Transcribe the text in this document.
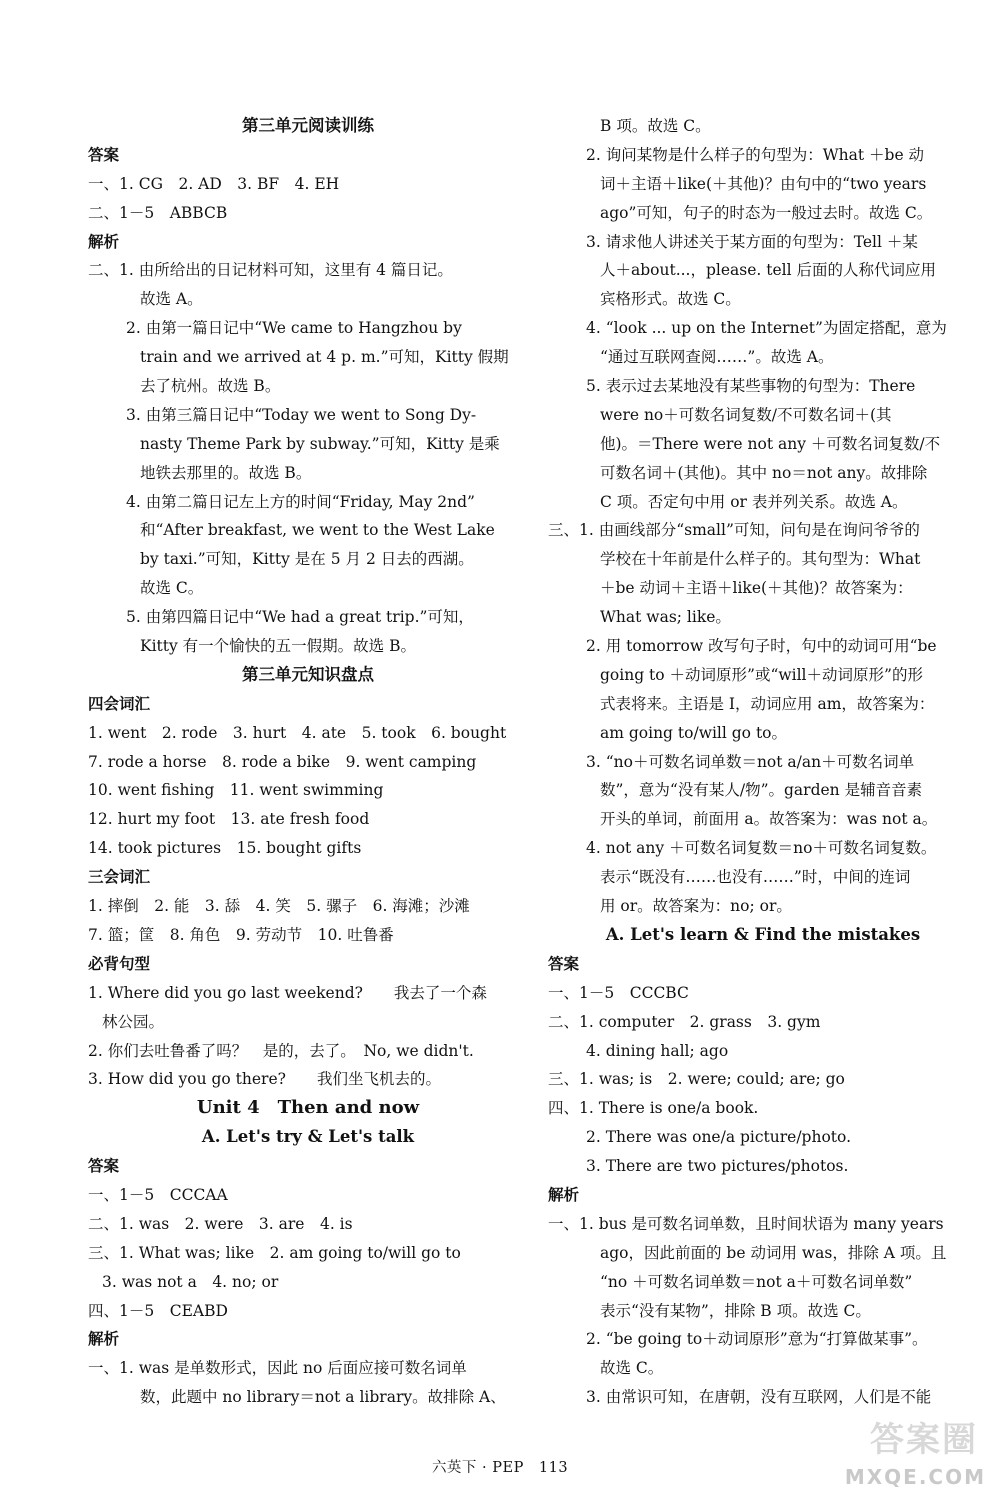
第三单元阅读训练
答案
一、1. CG　2. AD　3. BF　4. EH
二、1－5　ABBCB
解析
二、1. 由所给出的日记材料可知，这里有 4 篇日记。
故选 A。
2. 由第一篇日记中“We came to Hangzhou by
train and we arrived at 4 p. m.”可知，Kitty 假期
去了杭州。故选 B。
3. 由第三篇日记中“Today we went to Song Dy-
nasty Theme Park by subway.”可知，Kitty 是乘
地铁去那里的。故选 B。
4. 由第二篇日记左上方的时间“Friday, May 2nd”
和“After breakfast, we went to the West Lake
by taxi.”可知，Kitty 是在 5 月 2 日去的西湖。
故选 C。
5. 由第四篇日记中“We had a great trip.”可知，
Kitty 有一个愉快的五一假期。故选 B。
第三单元知识盘点
四会词汇
1. went　2. rode　3. hurt　4. ate　5. took　6. bought
7. rode a horse　8. rode a bike　9. went camping
10. went fishing　11. went swimming
12. hurt my foot　13. ate fresh food
14. took pictures　15. bought gifts
三会词汇
1. 摔倒　2. 能　3. 舔　4. 笑　5. 骡子　6. 海滩；沙滩
7. 篮；筐　8. 角色　9. 劳动节　10. 吐鲁番
必背句型
1. Where did you go last weekend?　　我去了一个森
林公园。
2. 你们去吐鲁番了吗？　是的，去了。　No, we didn't.
3. How did you go there?　　我们坐飞机去的。
Unit 4　Then and now
A. Let's try & Let's talk
答案
一、1－5　CCCAA
二、1. was　2. were　3. are　4. is
三、1. What was; like　2. am going to/will go to
3. was not a　4. no; or
四、1－5　CEABD
解析
一、1. was 是单数形式，因此 no 后面应接可数名词单
数，此题中 no library＝not a library。故排除 A、
B 项。故选 C。
2. 询问某物是什么样子的句型为：What ＋be 动
词＋主语＋like(＋其他)？由句中的“two years
ago”可知，句子的时态为一般过去时。故选 C。
3. 请求他人讲述关于某方面的句型为：Tell ＋某
人＋about...，please. tell 后面的人称代词应用
宾格形式。故选 C。
4. “look ... up on the Internet”为固定搭配，意为
“通过互联网查阅……”。故选 A。
5. 表示过去某地没有某些事物的句型为：There
were no＋可数名词复数/不可数名词＋(其
他)。＝There were not any ＋可数名词复数/不
可数名词＋(其他)。其中 no＝not any。故排除
C 项。否定句中用 or 表并列关系。故选 A。
三、1. 由画线部分“small”可知，问句是在询问爷爷的
学校在十年前是什么样子的。其句型为：What
＋be 动词＋主语＋like(＋其他)？故答案为：
What was; like。
2. 用 tomorrow 改写句子时，句中的动词可用“be
going to ＋动词原形”或“will＋动词原形”的形
式表将来。主语是 I，动词应用 am，故答案为：
am going to/will go to。
3. “no＋可数名词单数＝not a/an＋可数名词单
数”，意为“没有某人/物”。garden 是辅音音素
开头的单词，前面用 a。故答案为：was not a。
4. not any ＋可数名词复数＝no＋可数名词复数。
表示“既没有……也没有……”时，中间的连词
用 or。故答案为：no; or。
A. Let's learn & Find the mistakes
答案
一、1－5　CCCBC
二、1. computer　2. grass　3. gym
4. dining hall; ago
三、1. was; is　2. were; could; are; go
四、1. There is one/a book.
2. There was one/a picture/photo.
3. There are two pictures/photos.
解析
一、1. bus 是可数名词单数，且时间状语为 many years
ago，因此前面的 be 动词用 was，排除 A 项。且
“no ＋可数名词单数＝not a＋可数名词单数”
表示“没有某物”，排除 B 项。故选 C。
2. “be going to＋动词原形”意为“打算做某事”。
故选 C。
3. 由常识可知，在唐朝，没有互联网，人们是不能
六英下 · PEP　113
答案圈
MXQE.COM
